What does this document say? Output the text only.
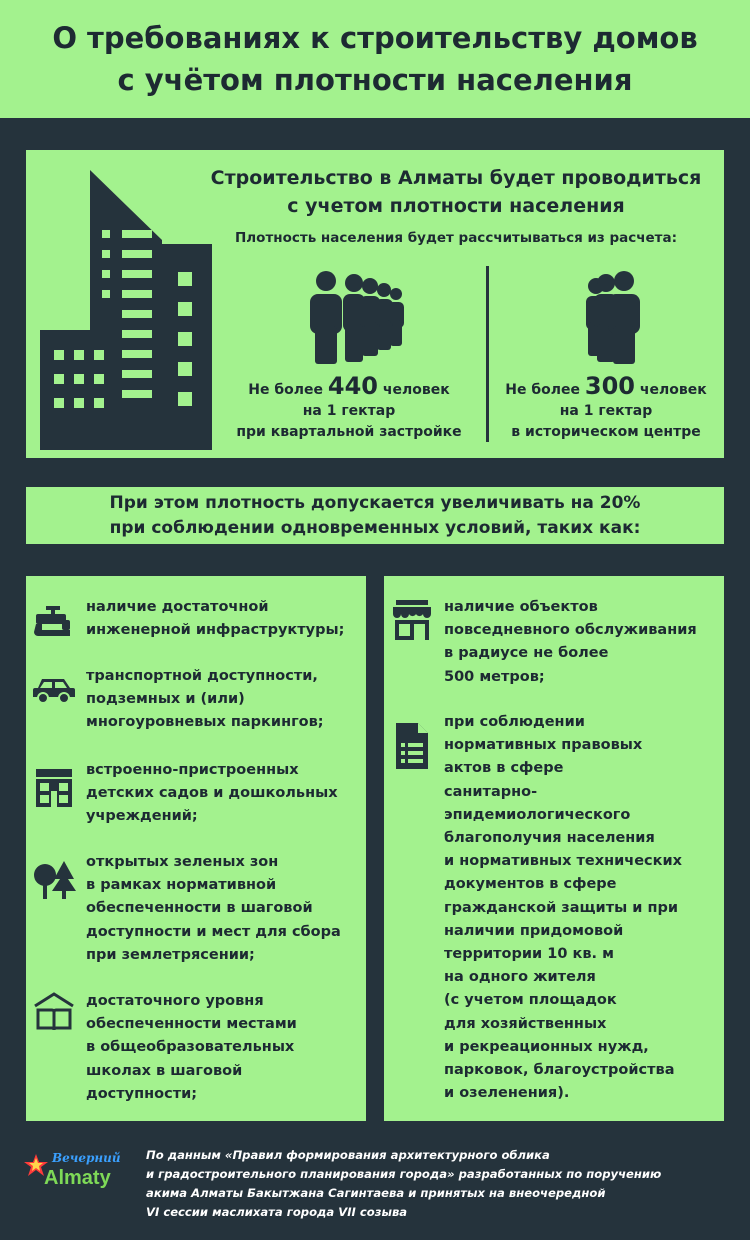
О требованиях к строительству домов
с учётом плотности населения
Строительство в Алматы будет проводиться
с учетом плотности населения
Плотность населения будет рассчитываться из расчета:
Не более 440 человек
на 1 гектар
при квартальной застройке
Не более 300 человек
на 1 гектар
в историческом центре
При этом плотность допускается увеличивать на 20%
при соблюдении одновременных условий, таких как:
наличие достаточной
инженерной инфраструктуры;
транспортной доступности,
подземных и (или)
многоуровневых паркингов;
встроенно-пристроенных
детских садов и дошкольных
учреждений;
открытых зеленых зон
в рамках нормативной
обеспеченности в шаговой
доступности и мест для сбора
при землетрясении;
достаточного уровня
обеспеченности местами
в общеобразовательных
школах в шаговой
доступности;
наличие объектов
повседневного обслуживания
в радиусе не более
500 метров;
при соблюдении
нормативных правовых
актов в сфере
санитарно-
эпидемиологического
благополучия населения
и нормативных технических
документов в сфере
гражданской защиты и при
наличии придомовой
территории 10 кв. м
на одного жителя
(с учетом площадок
для хозяйственных
и рекреационных нужд,
парковок, благоустройства
и озеленения).
Вечерний
Almaty
По данным «Правил формирования архитектурного облика
и градостроительного планирования города» разработанных по поручению
акима Алматы Бакытжана Сагинтаева и принятых на внеочередной
VI сессии маслихата города VII созыва
